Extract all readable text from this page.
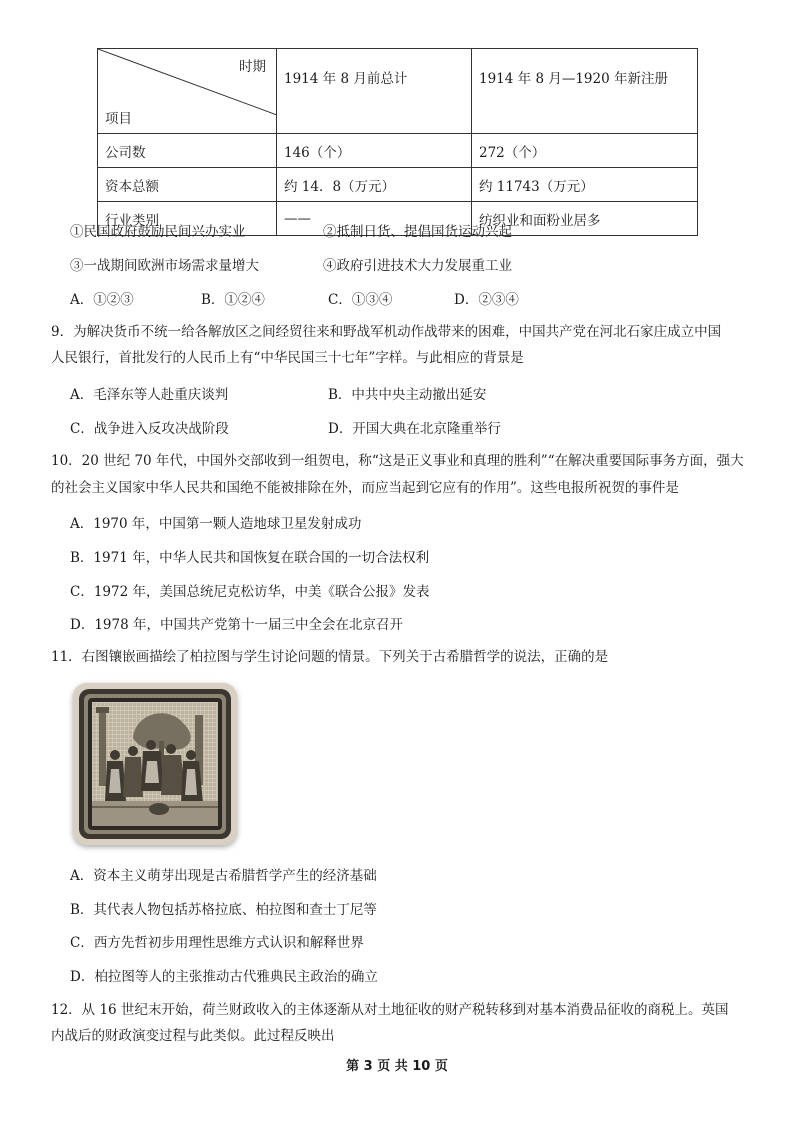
时期
项目	1914 年 8 月前总计	1914 年 8 月—1920 年新注册
公司数	146（个）	272（个）
资本总额	约 14．8（万元）	约 11743（万元）
行业类别	——	纺织业和面粉业居多
①民国政府鼓励民间兴办实业	②抵制日货、提倡国货运动兴起
③一战期间欧洲市场需求量增大	④政府引进技术大力发展重工业
A．①②③	B．①②④	C．①③④	D．②③④
9．为解决货币不统一给各解放区之间经贸往来和野战军机动作战带来的困难，中国共产党在河北石家庄成立中国
人民银行，首批发行的人民币上有“中华民国三十七年”字样。与此相应的背景是
A．毛泽东等人赴重庆谈判	B．中共中央主动撤出延安
C．战争进入反攻决战阶段	D．开国大典在北京隆重举行
10．20 世纪 70 年代，中国外交部收到一组贺电，称“这是正义事业和真理的胜利”“在解决重要国际事务方面，强大
的社会主义国家中华人民共和国绝不能被排除在外，而应当起到它应有的作用”。这些电报所祝贺的事件是
A．1970 年，中国第一颗人造地球卫星发射成功
B．1971 年，中华人民共和国恢复在联合国的一切合法权利
C．1972 年，美国总统尼克松访华，中美《联合公报》发表
D．1978 年，中国共产党第十一届三中全会在北京召开
11．右图镶嵌画描绘了柏拉图与学生讨论问题的情景。下列关于古希腊哲学的说法，正确的是
A．资本主义萌芽出现是古希腊哲学产生的经济基础
B．其代表人物包括苏格拉底、柏拉图和查士丁尼等
C．西方先哲初步用理性思维方式认识和解释世界
D．柏拉图等人的主张推动古代雅典民主政治的确立
12．从 16 世纪末开始，荷兰财政收入的主体逐渐从对土地征收的财产税转移到对基本消费品征收的商税上。英国
内战后的财政演变过程与此类似。此过程反映出
第 3 页 共 10 页
